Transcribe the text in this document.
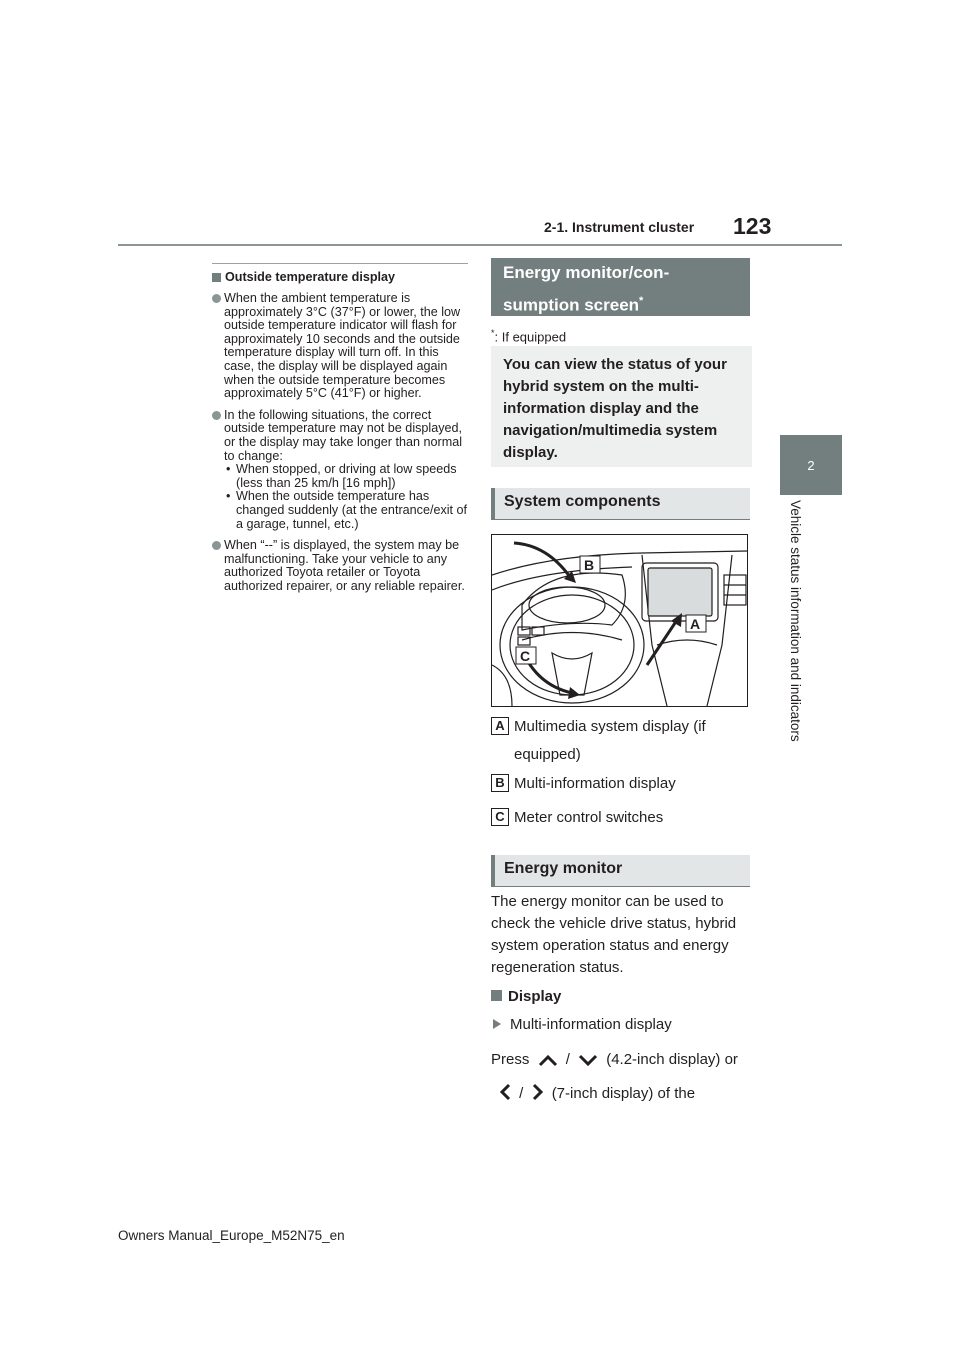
2-1. Instrument cluster 123
2
Vehicle status information and indicators
Outside temperature display
When the ambient temperature is approximately 3°C (37°F) or lower, the low outside temperature indicator will flash for approximately 10 seconds and the outside temperature display will turn off. In this case, the display will be displayed again when the outside temperature becomes approximately 5°C (41°F) or higher.
In the following situations, the correct outside temperature may not be displayed, or the display may take longer than normal to change:
• When stopped, or driving at low speeds (less than 25 km/h [16 mph])
• When the outside temperature has changed suddenly (at the entrance/exit of a garage, tunnel, etc.)
When “--” is displayed, the system may be malfunctioning. Take your vehicle to any authorized Toyota retailer or Toyota authorized repairer, or any reliable repairer.
Energy monitor/con-
sumption screen*
*: If equipped
You can view the status of your hybrid system on the multi-information display and the navigation/multimedia system display.
System components
B
A
C
A Multimedia system display (if
equipped)
B Multi-information display
C Meter control switches
Energy monitor
The energy monitor can be used to check the vehicle drive status, hybrid system operation status and energy regeneration status.
Display
Multi-information display
Press / (4.2-inch display) or
/ (7-inch display) of the
Owners Manual_Europe_M52N75_en
